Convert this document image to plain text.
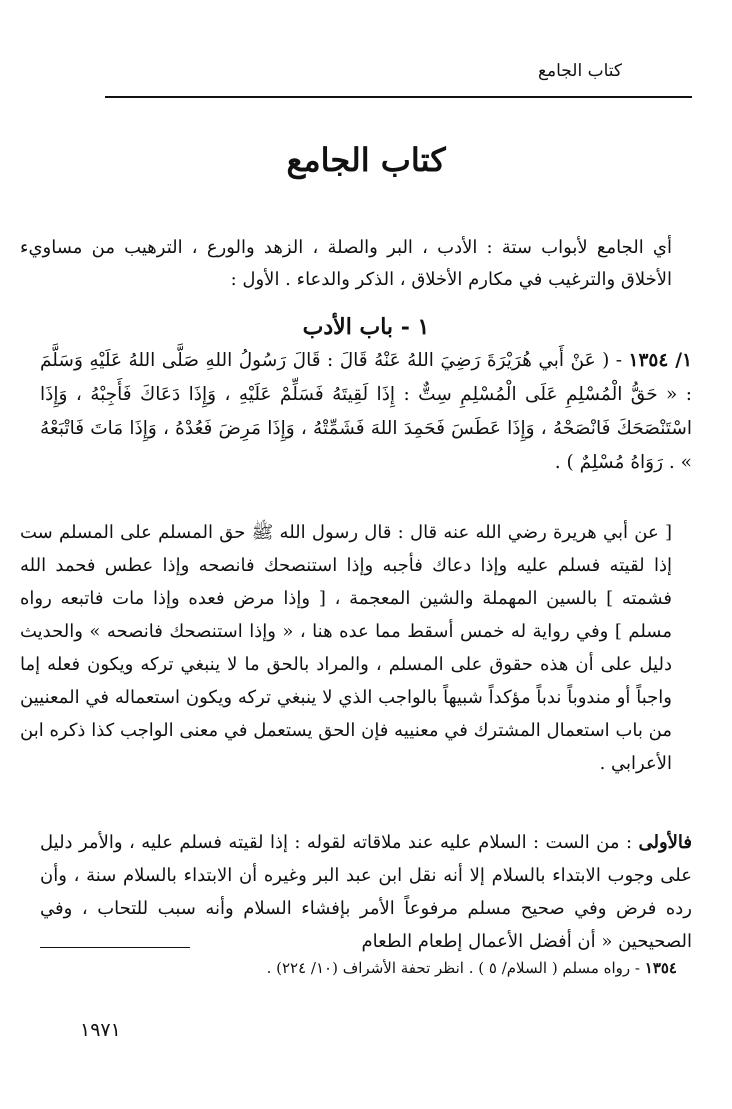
كتاب الجامع
كتاب الجامع
أي الجامع لأبواب ستة : الأدب ، البر والصلة ، الزهد والورع ، الترهيب من مساويء الأخلاق والترغيب في مكارم الأخلاق ، الذكر والدعاء . الأول :
١ - باب الأدب
١/ ١٣٥٤ - ( عَنْ أَبي هُرَيْرَةَ رَضِيَ اللهُ عَنْهُ قَالَ : قَالَ رَسُولُ اللهِ صَلَّى اللهُ عَلَيْهِ وَسَلَّمَ : « حَقُّ الْمُسْلِمِ عَلَى الْمُسْلِمِ سِتٌّ : إِذَا لَقِيتَهُ فَسَلِّمْ عَلَيْهِ ، وَإِذَا دَعَاكَ فَأَجِبْهُ ، وَإِذَا اسْتَنْصَحَكَ فَانْصَحْهُ ، وَإِذَا عَطَسَ فَحَمِدَ اللهَ فَشَمِّتْهُ ، وَإِذَا مَرِضَ فَعُدْهُ ، وَإِذَا مَاتَ فَاتْبَعْهُ » . رَوَاهُ مُسْلِمٌ ) .
[ عن أبي هريرة رضي الله عنه قال : قال رسول الله ﷺ حق المسلم على المسلم ست إذا لقيته فسلم عليه وإذا دعاك فأجبه وإذا استنصحك فانصحه وإذا عطس فحمد الله فشمته ] بالسين المهملة والشين المعجمة ، [ وإذا مرض فعده وإذا مات فاتبعه رواه مسلم ] وفي رواية له خمس أسقط مما عده هنا ، « وإذا استنصحك فانصحه » والحديث دليل على أن هذه حقوق على المسلم ، والمراد بالحق ما لا ينبغي تركه ويكون فعله إما واجباً أو مندوباً ندباً مؤكداً شبيهاً بالواجب الذي لا ينبغي تركه ويكون استعماله في المعنيين من باب استعمال المشترك في معنييه فإن الحق يستعمل في معنى الواجب كذا ذكره ابن الأعرابي .
فالأولى : من الست : السلام عليه عند ملاقاته لقوله : إذا لقيته فسلم عليه ، والأمر دليل على وجوب الابتداء بالسلام إلا أنه نقل ابن عبد البر وغيره أن الابتداء بالسلام سنة ، وأن رده فرض وفي صحيح مسلم مرفوعاً الأمر بإفشاء السلام وأنه سبب للتحاب ، وفي الصحيحين « أن أفضل الأعمال إطعام الطعام
١٣٥٤ - رواه مسلم ( السلام/ ٥ ) . انظر تحفة الأشراف (١٠/ ٢٢٤) .
١٩٧١
